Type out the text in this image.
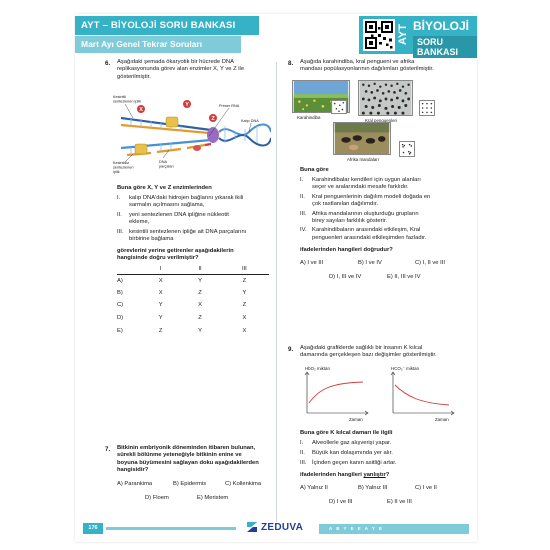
AYT – BİYOLOJİ SORU BANKASI
Mart Ayı Genel Tekrar Soruları	AYT BİYOLOJİ
SORU BANKASI
6. Aşağıdaki şemada ökaryotik bir hücrede DNA
replikasyonunda görev alan enzimler X, Y ve Z ile
gösterilmiştir.
X
Y
Z
Kesintili
sentezlenen iplik
Primer RNA
Kalıp DNA
Kesintisiz
sentezlenen
iplik
DNA
parçaları
Buna göre X, Y ve Z enzimlerinden
I. kalıp DNA'daki hidrojen bağlarını yıkarak ikili
sarmalın açılmasını sağlama,
II. yeni sentezlenen DNA ipliğine nükleotit
ekleme,
III. kesintili sentezlenen ipliğe ait DNA parçalarını
birbirine bağlama
görevlerini yerine getirenler aşağıdakilerin
hangisinde doğru verilmiştir?
	I	II	III
A)	X	Y	Z
B)	X	Z	Y
C)	Y	X	Z
D)	Y	Z	X
E)	Z	Y	X
7. Bitkinin embriyonik döneminden itibaren bulunan,
sürekli bölünme yeteneğiyle bitkinin enine ve
boyuna büyümesini sağlayan doku aşağıdakilerden
hangisidir?
A) Parankima	B) Epidermis	C) Kollenkima
D) Floem	E) Meristem
8. Aşağıda karahindiba, kral pengueni ve afrika
mandası popülasyonlarının dağılımları gösterilmiştir.
Karahindiba
Kral penguenleri
Afrika mandaları
Buna göre
I. Karahindibalar kendileri için uygun alanları
seçer ve aralarındaki mesafe farklıdır.
II. Kral penguenlerinin dağılım modeli doğada en
çok rastlanılan dağılımdır.
III. Afrika mandalarının oluşturduğu grupların
birey sayıları farklılık gösterir.
IV. Karahindibaların arasındaki etkileşim, Kral
penguenleri arasındaki etkileşimden fazladır.
ifadelerinden hangileri doğrudur?
A) I ve III	B) I ve IV	C) I, II ve III
D) I, III ve IV	E) II, III ve IV
9. Aşağıdaki grafiklerde sağlıklı bir insanın K kılcal
damarında gerçekleşen bazı değişimler gösterilmiştir.
HbO₂ miktarı	HCO₃⁻ miktarı
Zaman	Zaman
Buna göre K kılcal damarı ile ilgili
I. Alveollerle gaz alışverişi yapar.
II. Büyük kan dolaşımında yer alır.
III. İçinden geçen kanın asitliği artar.
ifadelerinden hangileri yanlıştır?
A) Yalnız II	B) Yalnız III	C) I ve II
D) I ve III	E) II ve III
176	ZEDUVA	A B Y E E A Y E
